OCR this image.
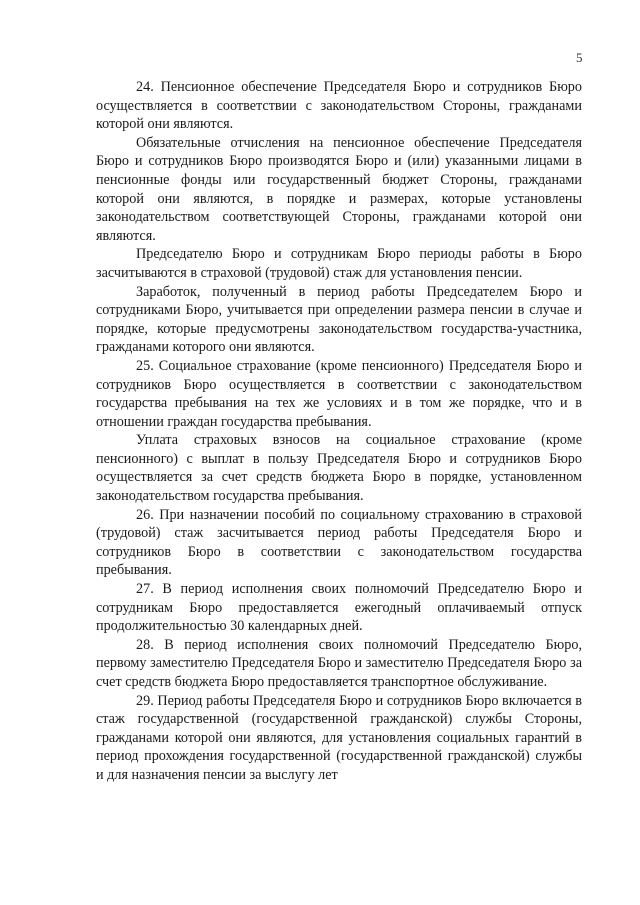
5

24. Пенсионное обеспечение Председателя Бюро и сотрудников Бюро осуществляется в соответствии с законодательством Стороны, гражданами которой они являются.

Обязательные отчисления на пенсионное обеспечение Председателя Бюро и сотрудников Бюро производятся Бюро и (или) указанными лицами в пенсионные фонды или государственный бюджет Стороны, гражданами которой они являются, в порядке и размерах, которые установлены законодательством соответствующей Стороны, гражданами которой они являются.

Председателю Бюро и сотрудникам Бюро периоды работы в Бюро засчитываются в страховой (трудовой) стаж для установления пенсии.

Заработок, полученный в период работы Председателем Бюро и сотрудниками Бюро, учитывается при определении размера пенсии в случае и порядке, которые предусмотрены законодательством государства-участника, гражданами которого они являются.

25. Социальное страхование (кроме пенсионного) Председателя Бюро и сотрудников Бюро осуществляется в соответствии с законодательством государства пребывания на тех же условиях и в том же порядке, что и в отношении граждан государства пребывания.

Уплата страховых взносов на социальное страхование (кроме пенсионного) с выплат в пользу Председателя Бюро и сотрудников Бюро осуществляется за счет средств бюджета Бюро в порядке, установленном законодательством государства пребывания.

26. При назначении пособий по социальному страхованию в страховой (трудовой) стаж засчитывается период работы Председателя Бюро и сотрудников Бюро в соответствии с законодательством государства пребывания.

27. В период исполнения своих полномочий Председателю Бюро и сотрудникам Бюро предоставляется ежегодный оплачиваемый отпуск продолжительностью 30 календарных дней.

28. В период исполнения своих полномочий Председателю Бюро, первому заместителю Председателя Бюро и заместителю Председателя Бюро за счет средств бюджета Бюро предоставляется транспортное обслуживание.

29. Период работы Председателя Бюро и сотрудников Бюро включается в стаж государственной (государственной гражданской) службы Стороны, гражданами которой они являются, для установления социальных гарантий в период прохождения государственной (государственной гражданской) службы и для назначения пенсии за выслугу лет
